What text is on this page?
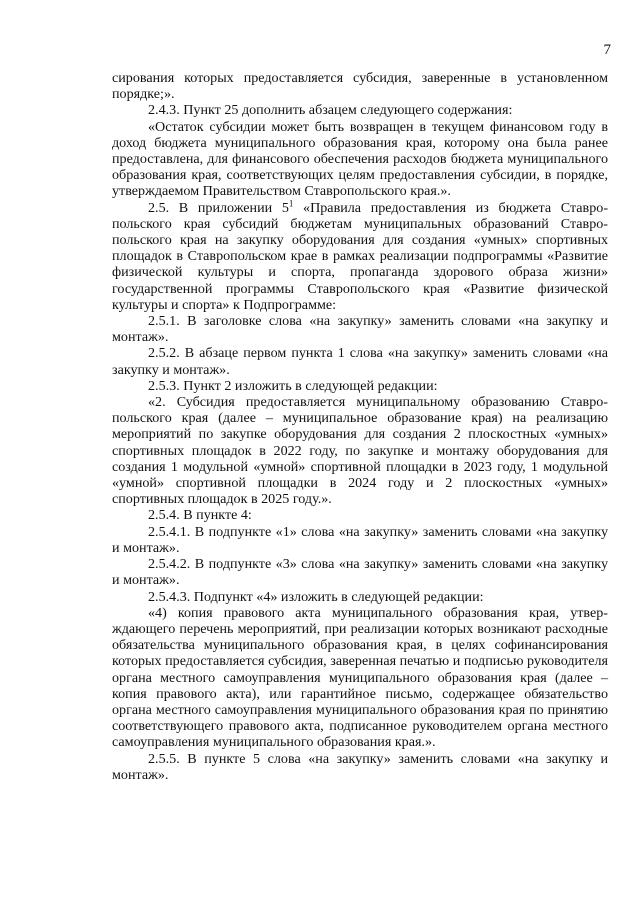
7

сирования которых предоставляется субсидия, заверенные в установленном порядке;».

2.4.3. Пункт 25 дополнить абзацем следующего содержания:

«Остаток субсидии может быть возвращен в текущем финансовом году в доход бюджета муниципального образования края, которому она была ранее предоставлена, для финансового обеспечения расходов бюджета муниципального образования края, соответствующих целям предоставления субсидии, в порядке, утверждаемом Правительством Ставропольского края.».

2.5. В приложении $5^1$ «Правила предоставления из бюджета Ставропольского края субсидий бюджетам муниципальных образований Ставропольского края на закупку оборудования для создания «умных» спортивных площадок в Ставропольском крае в рамках реализации подпрограммы «Развитие физической культуры и спорта, пропаганда здорового образа жизни» государственной программы Ставропольского края «Развитие физической культуры и спорта» к Подпрограмме:

2.5.1. В заголовке слова «на закупку» заменить словами «на закупку и монтаж».

2.5.2. В абзаце первом пункта 1 слова «на закупку» заменить словами «на закупку и монтаж».

2.5.3. Пункт 2 изложить в следующей редакции:

«2. Субсидия предоставляется муниципальному образованию Ставропольского края (далее – муниципальное образование края) на реализацию мероприятий по закупке оборудования для создания 2 плоскостных «умных» спортивных площадок в 2022 году, по закупке и монтажу оборудования для создания 1 модульной «умной» спортивной площадки в 2023 году, 1 модульной «умной» спортивной площадки в 2024 году и 2 плоскостных «умных» спортивных площадок в 2025 году.».

2.5.4. В пункте 4:

2.5.4.1. В подпункте «1» слова «на закупку» заменить словами «на закупку и монтаж».

2.5.4.2. В подпункте «3» слова «на закупку» заменить словами «на закупку и монтаж».

2.5.4.3. Подпункт «4» изложить в следующей редакции:

«4) копия правового акта муниципального образования края, утверждающего перечень мероприятий, при реализации которых возникают расходные обязательства муниципального образования края, в целях софинансирования которых предоставляется субсидия, заверенная печатью и подписью руководителя органа местного самоуправления муниципального образования края (далее – копия правового акта), или гарантийное письмо, содержащее обязательство органа местного самоуправления муниципального образования края по принятию соответствующего правового акта, подписанное руководителем органа местного самоуправления муниципального образования края.».

2.5.5. В пункте 5 слова «на закупку» заменить словами «на закупку и монтаж».
